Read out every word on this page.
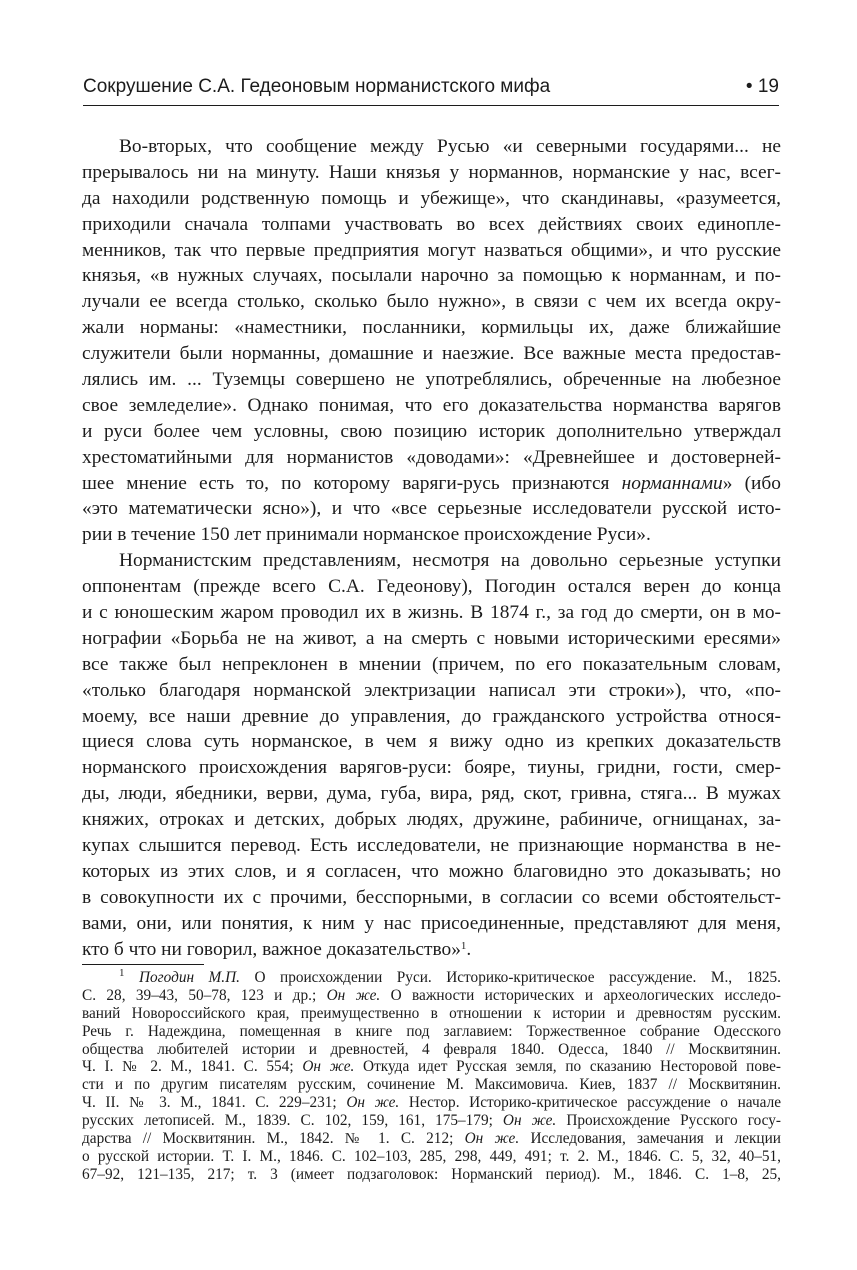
Сокрушение С.А. Гедеоновым норманистского мифа	• 19
Во-вторых, что сообщение между Русью «и северными государями... не
прерывалось ни на минуту. Наши князья у норманнов, норманские у нас, всег-
да находили родственную помощь и убежище», что скандинавы, «разумеется,
приходили сначала толпами участвовать во всех действиях своих единопле-
менников, так что первые предприятия могут назваться общими», и что русские
князья, «в нужных случаях, посылали нарочно за помощью к норманнам, и по-
лучали ее всегда столько, сколько было нужно», в связи с чем их всегда окру-
жали норманы: «наместники, посланники, кормильцы их, даже ближайшие
служители были норманны, домашние и наезжие. Все важные места предостав-
лялись им. ... Туземцы совершено не употреблялись, обреченные на любезное
свое земледелие». Однако понимая, что его доказательства норманства варягов
и руси более чем условны, свою позицию историк дополнительно утверждал
хрестоматийными для норманистов «доводами»: «Древнейшее и достоверней-
шее мнение есть то, по которому варяги-русь признаются норманнами» (ибо
«это математически ясно»), и что «все серьезные исследователи русской исто-
рии в течение 150 лет принимали норманское происхождение Руси».
Норманистским представлениям, несмотря на довольно серьезные уступки
оппонентам (прежде всего С.А. Гедеонову), Погодин остался верен до конца
и с юношеским жаром проводил их в жизнь. В 1874 г., за год до смерти, он в мо-
нографии «Борьба не на живот, а на смерть с новыми историческими ересями»
все также был непреклонен в мнении (причем, по его показательным словам,
«только благодаря норманской электризации написал эти строки»), что, «по-
моему, все наши древние до управления, до гражданского устройства относя-
щиеся слова суть норманское, в чем я вижу одно из крепких доказательств
норманского происхождения варягов-руси: бояре, тиуны, гридни, гости, смер-
ды, люди, ябедники, верви, дума, губа, вира, ряд, скот, гривна, стяга... В мужах
княжих, отроках и детских, добрых людях, дружине, рабиниче, огнищанах, за-
купах слышится перевод. Есть исследователи, не признающие норманства в не-
которых из этих слов, и я согласен, что можно благовидно это доказывать; но
в совокупности их с прочими, бесспорными, в согласии со всеми обстоятельст-
вами, они, или понятия, к ним у нас присоединенные, представляют для меня,
кто б что ни говорил, важное доказательство»$^1$.
$^1$ Погодин М.П. О происхождении Руси. Историко-критическое рассуждение. М., 1825.
С. 28, 39–43, 50–78, 123 и др.; Он же. О важности исторических и археологических исследо-
ваний Новороссийского края, преимущественно в отношении к истории и древностям русским.
Речь г. Надеждина, помещенная в книге под заглавием: Торжественное собрание Одесского
общества любителей истории и древностей, 4 февраля 1840. Одесса, 1840 // Москвитянин.
Ч. I. № 2. М., 1841. С. 554; Он же. Откуда идет Русская земля, по сказанию Несторовой пове-
сти и по другим писателям русским, сочинение М. Максимовича. Киев, 1837 // Москвитянин.
Ч. II. № 3. М., 1841. С. 229–231; Он же. Нестор. Историко-критическое рассуждение о начале
русских летописей. М., 1839. С. 102, 159, 161, 175–179; Он же. Происхождение Русского госу-
дарства // Москвитянин. М., 1842. № 1. С. 212; Он же. Исследования, замечания и лекции
о русской истории. Т. I. М., 1846. С. 102–103, 285, 298, 449, 491; т. 2. М., 1846. С. 5, 32, 40–51,
67–92, 121–135, 217; т. 3 (имеет подзаголовок: Норманский период). М., 1846. С. 1–8, 25,
